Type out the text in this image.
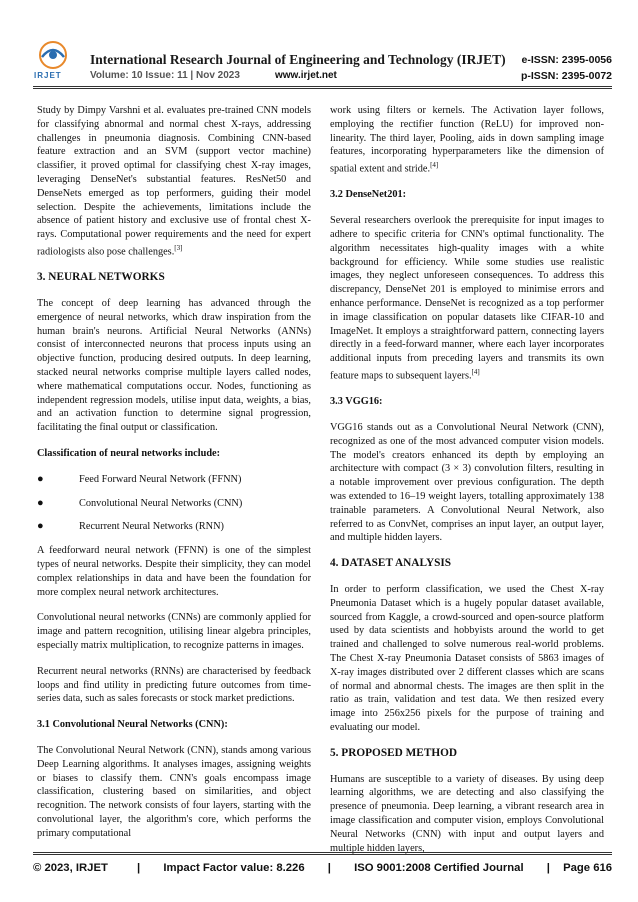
IRJET
International Research Journal of Engineering and Technology (IRJET) e-ISSN: 2395-0056
Volume: 10 Issue: 11 | Nov 2023	www.irjet.net	p-ISSN: 2395-0072

Study by Dimpy Varshni et al. evaluates pre-trained CNN models for classifying abnormal and normal chest X-rays, addressing challenges in pneumonia diagnosis. Combining CNN-based feature extraction and an SVM (support vector machine) classifier, it proved optimal for classifying chest X-ray images, leveraging DenseNet's substantial features. ResNet50 and DenseNets emerged as top performers, guiding their model selection. Despite the achievements, limitations include the absence of patient history and exclusive use of frontal chest X-rays. Computational power requirements and the need for expert radiologists also pose challenges.[3]

3. NEURAL NETWORKS

The concept of deep learning has advanced through the emergence of neural networks, which draw inspiration from the human brain's neurons. Artificial Neural Networks (ANNs) consist of interconnected neurons that process inputs using an objective function, producing desired outputs. In deep learning, stacked neural networks comprise multiple layers called nodes, where mathematical computations occur. Nodes, functioning as independent regression models, utilise input data, weights, a bias, and an activation function to determine signal progression, facilitating the final output or classification.

Classification of neural networks include:
● Feed Forward Neural Network (FFNN)
● Convolutional Neural Networks (CNN)
● Recurrent Neural Networks (RNN)

A feedforward neural network (FFNN) is one of the simplest types of neural networks. Despite their simplicity, they can model complex relationships in data and have been the foundation for more complex neural network architectures.

Convolutional neural networks (CNNs) are commonly applied for image and pattern recognition, utilising linear algebra principles, especially matrix multiplication, to recognize patterns in images.

Recurrent neural networks (RNNs) are characterised by feedback loops and find utility in predicting future outcomes from time-series data, such as sales forecasts or stock market predictions.

3.1 Convolutional Neural Networks (CNN):

The Convolutional Neural Network (CNN), stands among various Deep Learning algorithms. It analyses images, assigning weights or biases to classify them. CNN's goals encompass image classification, clustering based on similarities, and object recognition. The network consists of four layers, starting with the convolutional layer, the algorithm's core, which performs the primary computational

work using filters or kernels. The Activation layer follows, employing the rectifier function (ReLU) for improved non-linearity. The third layer, Pooling, aids in down sampling image features, incorporating hyperparameters like the dimension of spatial extent and stride.[4]

3.2 DenseNet201:

Several researchers overlook the prerequisite for input images to adhere to specific criteria for CNN's optimal functionality. The algorithm necessitates high-quality images with a white background for efficiency. While some studies use realistic images, they neglect unforeseen consequences. To address this discrepancy, DenseNet 201 is employed to minimise errors and enhance performance. DenseNet is recognized as a top performer in image classification on popular datasets like CIFAR-10 and ImageNet. It employs a straightforward pattern, connecting layers directly in a feed-forward manner, where each layer incorporates additional inputs from preceding layers and transmits its own feature maps to subsequent layers.[4]

3.3 VGG16:

VGG16 stands out as a Convolutional Neural Network (CNN), recognized as one of the most advanced computer vision models. The model's creators enhanced its depth by employing an architecture with compact (3 × 3) convolution filters, resulting in a notable improvement over previous configuration. The depth was extended to 16–19 weight layers, totalling approximately 138 trainable parameters. A Convolutional Neural Network, also referred to as ConvNet, comprises an input layer, an output layer, and multiple hidden layers.

4. DATASET ANALYSIS

In order to perform classification, we used the Chest X-ray Pneumonia Dataset which is a hugely popular dataset available, sourced from Kaggle, a crowd-sourced and open-source platform used by data scientists and hobbyists around the world to get trained and challenged to solve numerous real-world problems. The Chest X-ray Pneumonia Dataset consists of 5863 images of X-ray images distributed over 2 different classes which are scans of normal and abnormal chests. The images are then split in the ratio as train, validation and test data. We then resized every image into 256x256 pixels for the purpose of training and evaluating our model.

5. PROPOSED METHOD

Humans are susceptible to a variety of diseases. By using deep learning algorithms, we are detecting and also classifying the presence of pneumonia. Deep learning, a vibrant research area in image classification and computer vision, employs Convolutional Neural Networks (CNN) with input and output layers and multiple hidden layers,

© 2023, IRJET	| Impact Factor value: 8.226 | ISO 9001:2008 Certified Journal | Page 616
